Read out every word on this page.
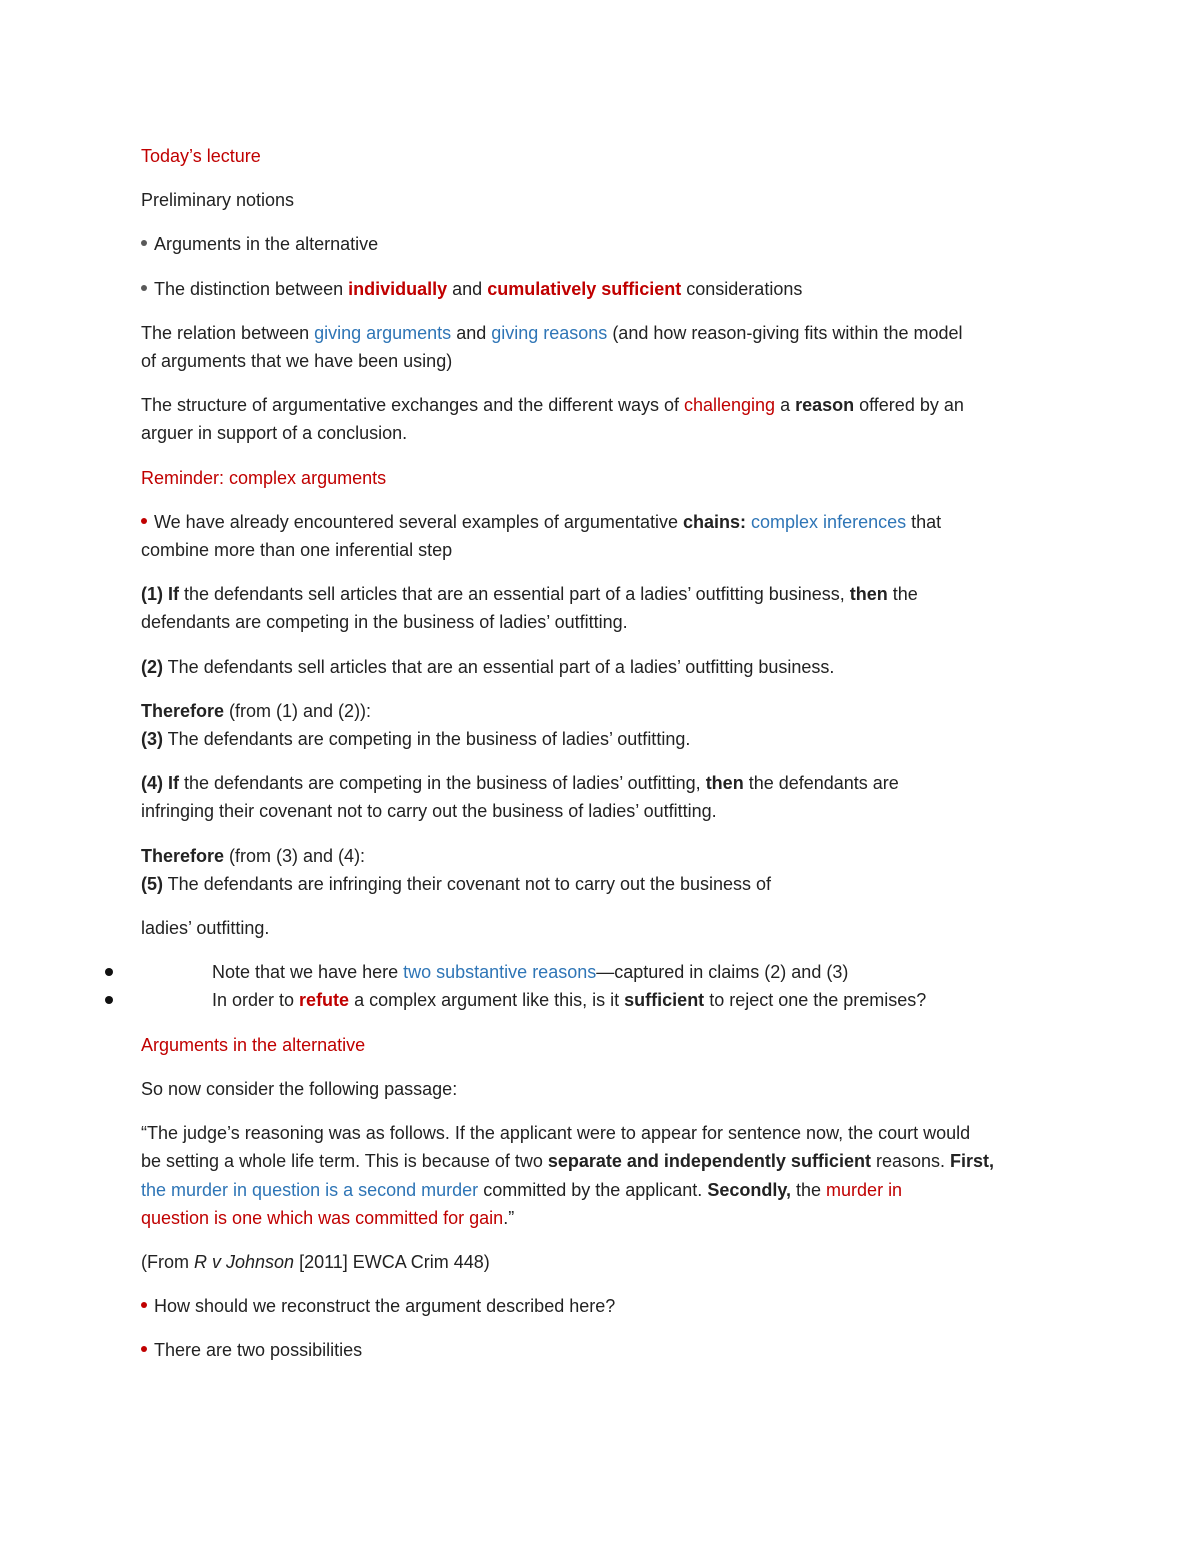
Today’s lecture
Preliminary notions
Arguments in the alternative
The distinction between individually and cumulatively sufficient considerations
The relation between giving arguments and giving reasons (and how reason-giving fits within the model
of arguments that we have been using)
The structure of argumentative exchanges and the different ways of challenging a reason offered by an
arguer in support of a conclusion.
Reminder: complex arguments
We have already encountered several examples of argumentative chains: complex inferences that
combine more than one inferential step
(1) If the defendants sell articles that are an essential part of a ladies’ outfitting business, then the
defendants are competing in the business of ladies’ outfitting.
(2) The defendants sell articles that are an essential part of a ladies’ outfitting business.
Therefore (from (1) and (2)):
(3) The defendants are competing in the business of ladies’ outfitting.
(4) If the defendants are competing in the business of ladies’ outfitting, then the defendants are
infringing their covenant not to carry out the business of ladies’ outfitting.
Therefore (from (3) and (4):
(5) The defendants are infringing their covenant not to carry out the business of
ladies’ outfitting.
Note that we have here two substantive reasons—captured in claims (2) and (3)
In order to refute a complex argument like this, is it sufficient to reject one the premises?
Arguments in the alternative
So now consider the following passage:
“The judge’s reasoning was as follows. If the applicant were to appear for sentence now, the court would
be setting a whole life term. This is because of two separate and independently sufficient reasons. First,
the murder in question is a second murder committed by the applicant. Secondly, the murder in
question is one which was committed for gain.”
(From R v Johnson [2011] EWCA Crim 448)
How should we reconstruct the argument described here?
There are two possibilities
